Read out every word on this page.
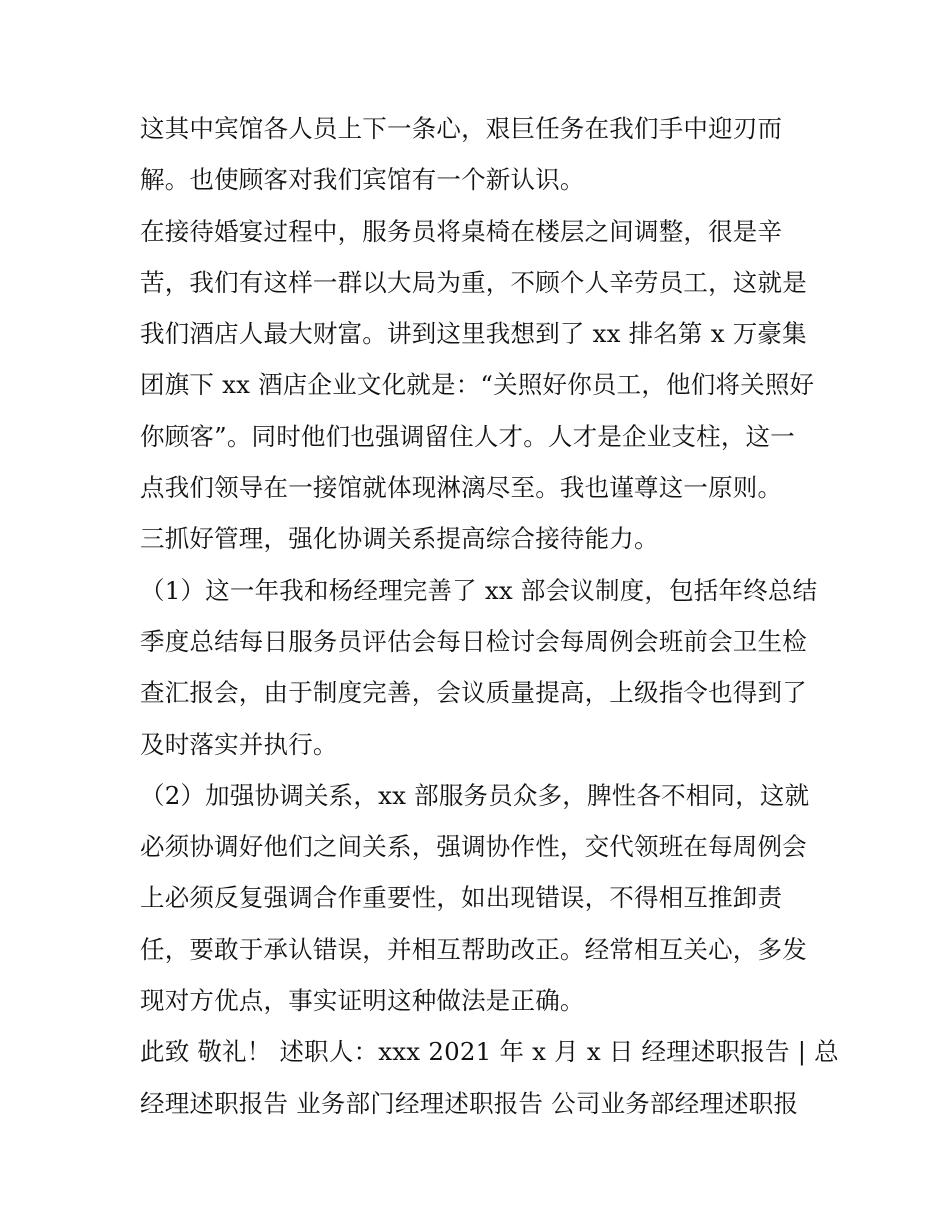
这其中宾馆各人员上下一条心，艰巨任务在我们手中迎刃而
解。也使顾客对我们宾馆有一个新认识。
在接待婚宴过程中，服务员将桌椅在楼层之间调整，很是辛
苦，我们有这样一群以大局为重，不顾个人辛劳员工，这就是
我们酒店人最大财富。讲到这里我想到了 xx 排名第 x 万豪集
团旗下 xx 酒店企业文化就是：“关照好你员工，他们将关照好
你顾客”。同时他们也强调留住人才。人才是企业支柱，这一
点我们领导在一接馆就体现淋漓尽至。我也谨尊这一原则。
三抓好管理，强化协调关系提高综合接待能力。
（1）这一年我和杨经理完善了 xx 部会议制度，包括年终总结
季度总结每日服务员评估会每日检讨会每周例会班前会卫生检
查汇报会，由于制度完善，会议质量提高，上级指令也得到了
及时落实并执行。
（2）加强协调关系，xx 部服务员众多，脾性各不相同，这就
必须协调好他们之间关系，强调协作性，交代领班在每周例会
上必须反复强调合作重要性，如出现错误，不得相互推卸责
任，要敢于承认错误，并相互帮助改正。经常相互关心，多发
现对方优点，事实证明这种做法是正确。
此致 敬礼！ 述职人：xxx 2021 年 x 月 x 日 经理述职报告 | 总
经理述职报告 业务部门经理述职报告 公司业务部经理述职报
